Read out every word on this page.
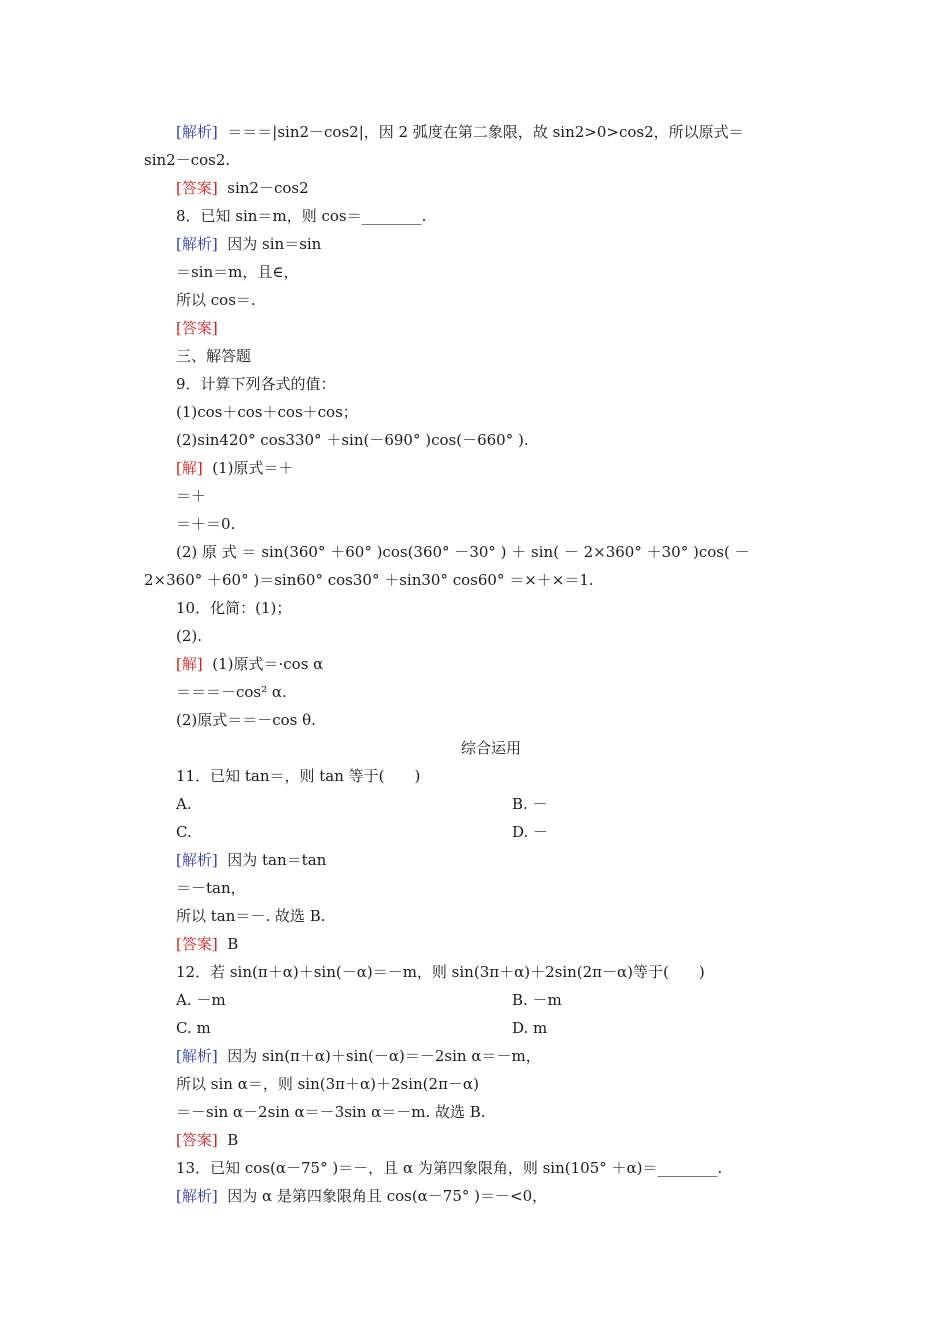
[解析] ＝＝＝|sin2－cos2|，因 2 弧度在第二象限，故 sin2>0>cos2，所以原式＝
sin2－cos2.
[答案] sin2－cos2
8．已知 sin＝m，则 cos＝________.
[解析] 因为 sin＝sin
＝sin＝m，且∈，
所以 cos＝.
[答案]
三、解答题
9．计算下列各式的值：
(1)cos＋cos＋cos＋cos；
(2)sin420° cos330° ＋sin(－690° )cos(－660° ).
[解] (1)原式＝＋
＝＋
＝＋＝0.
(2) 原 式 ＝ sin(360° ＋60° )cos(360° －30° ) ＋ sin( － 2×360° ＋30° )cos( －
2×360° ＋60° )＝sin60° cos30° ＋sin30° cos60° ＝×＋×＝1.
10．化简：(1)；
(2).
[解] (1)原式＝·cos α
＝＝＝－cos² α.
(2)原式＝＝－cos θ.
综合运用
11．已知 tan＝，则 tan 等于(　　)
A.	B. －
C.	D. －
[解析] 因为 tan＝tan
＝－tan，
所以 tan＝－. 故选 B.
[答案] B
12．若 sin(π＋α)＋sin(－α)＝－m，则 sin(3π＋α)＋2sin(2π－α)等于(　　)
A. －m	B. －m
C. m	D. m
[解析] 因为 sin(π＋α)＋sin(－α)＝－2sin α＝－m，
所以 sin α＝，则 sin(3π＋α)＋2sin(2π－α)
＝－sin α－2sin α＝－3sin α＝－m. 故选 B.
[答案] B
13．已知 cos(α－75° )＝－，且 α 为第四象限角，则 sin(105° ＋α)＝________.
[解析] 因为 α 是第四象限角且 cos(α－75° )＝－<0，
